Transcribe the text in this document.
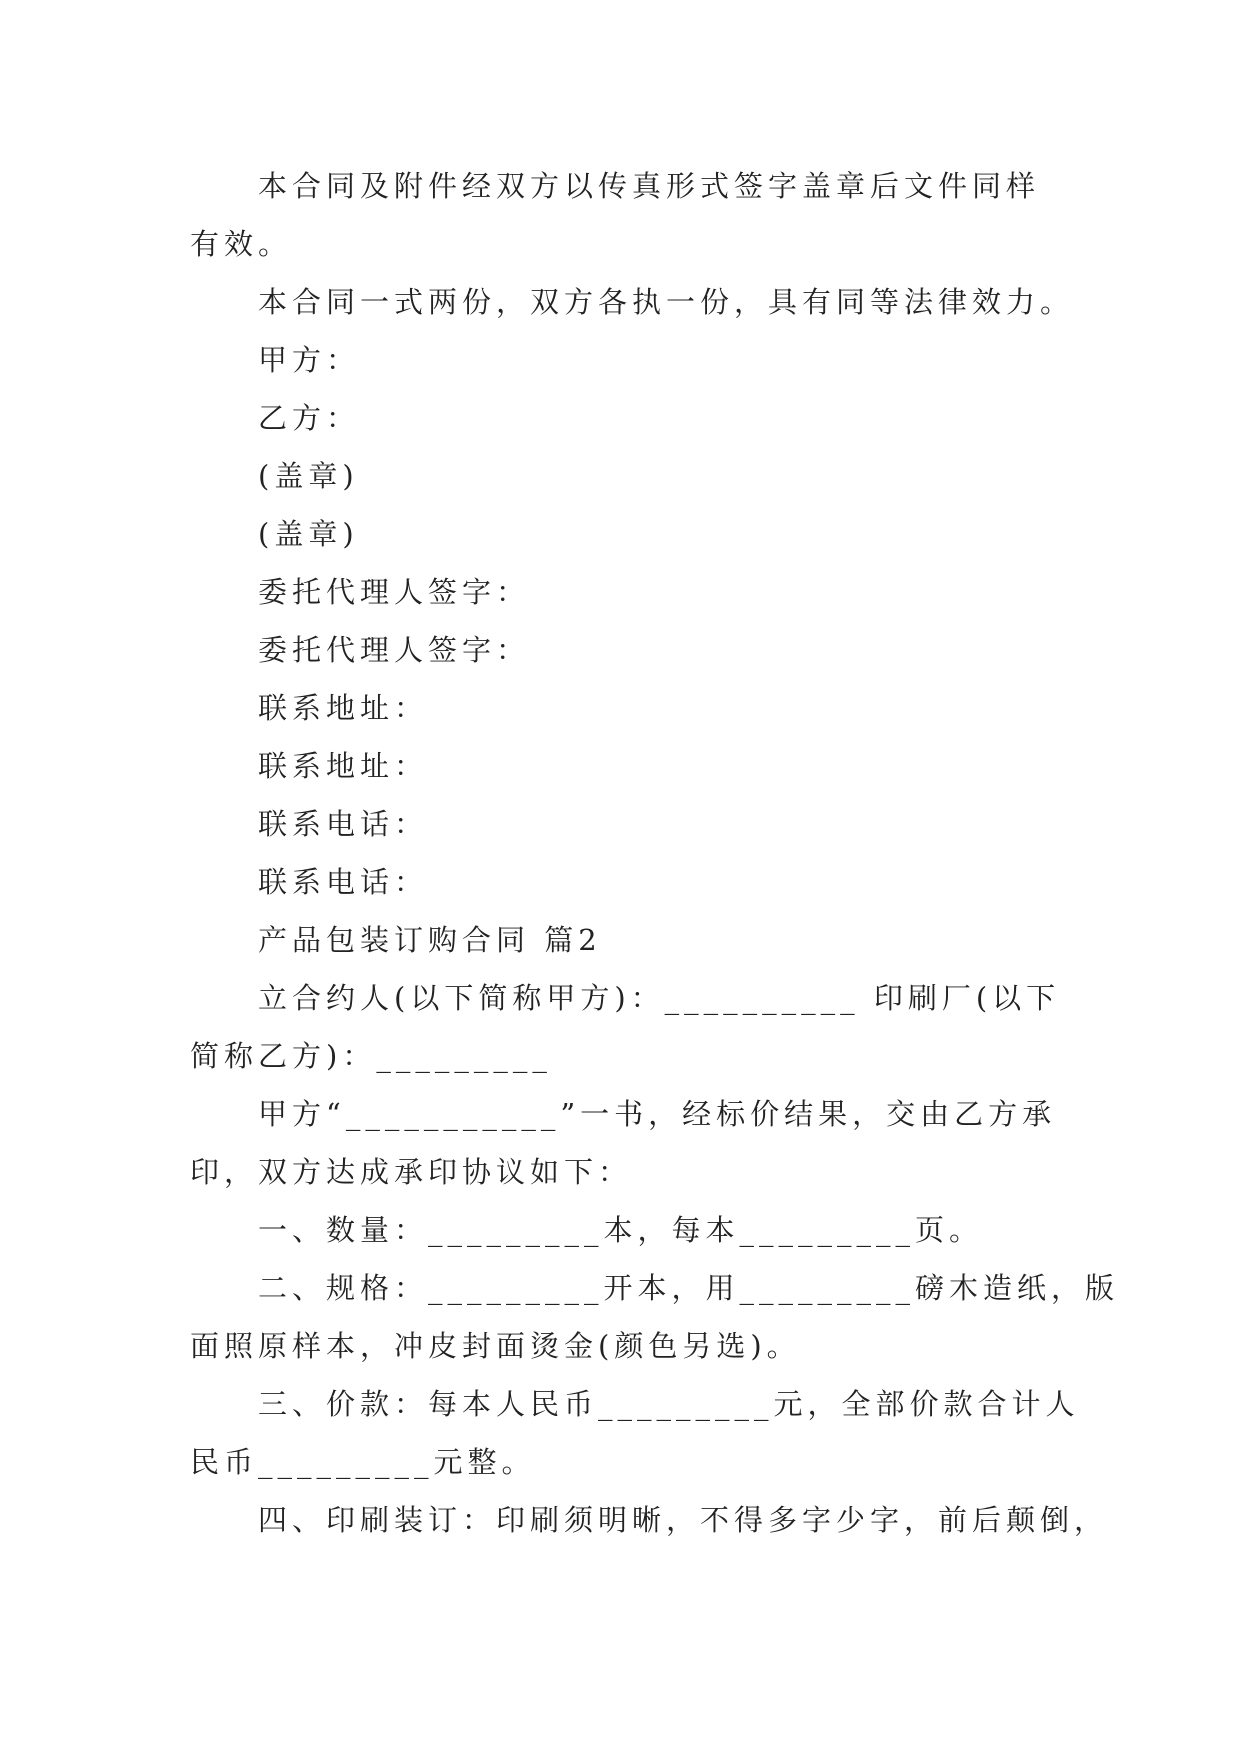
本合同及附件经双方以传真形式签字盖章后文件同样
有效。
本合同一式两份，双方各执一份，具有同等法律效力。
甲方：
乙方：
(盖章)
(盖章)
委托代理人签字：
委托代理人签字：
联系地址：
联系地址：
联系电话：
联系电话：
产品包装订购合同 篇2
立合约人(以下简称甲方)：__________ 印刷厂(以下
简称乙方)：_________
甲方“___________”一书，经标价结果，交由乙方承
印，双方达成承印协议如下：
一、数量：_________本，每本_________页。
二、规格：_________开本，用_________磅木造纸，版
面照原样本，冲皮封面烫金(颜色另选)。
三、价款：每本人民币_________元，全部价款合计人
民币_________元整。
四、印刷装订：印刷须明晰，不得多字少字，前后颠倒，
